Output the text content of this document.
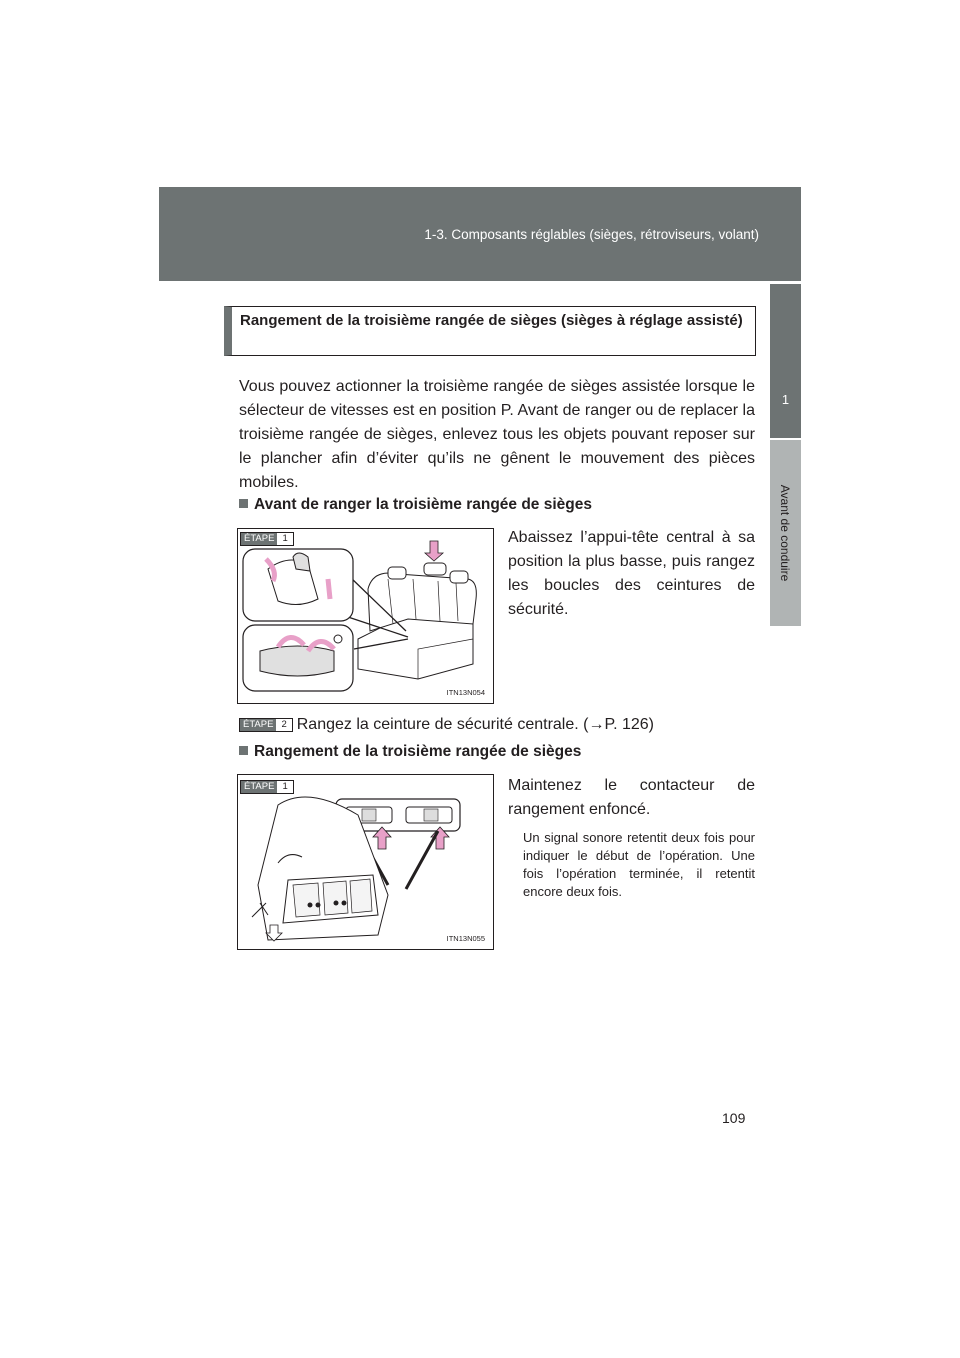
1-3. Composants réglables (sièges, rétroviseurs, volant)
1
Avant de conduire
Rangement de la troisième rangée de sièges (sièges à réglage assisté)
Vous pouvez actionner la troisième rangée de sièges assistée lorsque le sélecteur de vitesses est en position P. Avant de ranger ou de replacer la troisième rangée de sièges, enlevez tous les objets pouvant reposer sur le plancher afin d’éviter qu’ils ne gênent le mouvement des pièces mobiles.
Avant de ranger la troisième rangée de sièges
ÉTAPE 1
ITN13N054
Abaissez l’appui-tête central à sa position la plus basse, puis rangez les boucles des ceintures de sécurité.
ÉTAPE 2 Rangez la ceinture de sécurité centrale. (→P. 126)
Rangement de la troisième rangée de sièges
ÉTAPE 1
ITN13N055
Maintenez le contacteur de rangement enfoncé.
Un signal sonore retentit deux fois pour indiquer le début de l’opération. Une fois l’opération terminée, il retentit encore deux fois.
109
